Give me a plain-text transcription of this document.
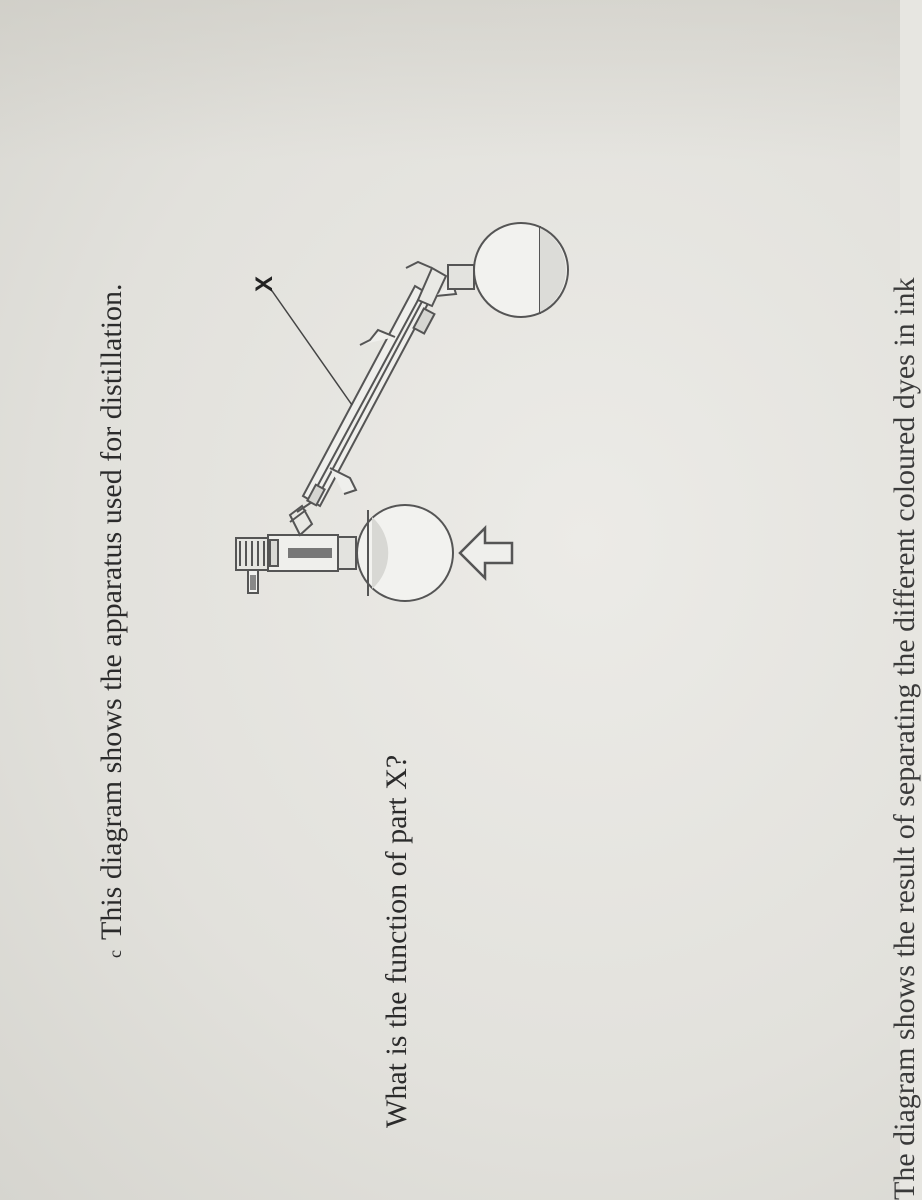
cThis diagram shows the apparatus used for distillation.	X
What is the function of part X?	The diagram shows the result of separating the different coloured dyes in ink
